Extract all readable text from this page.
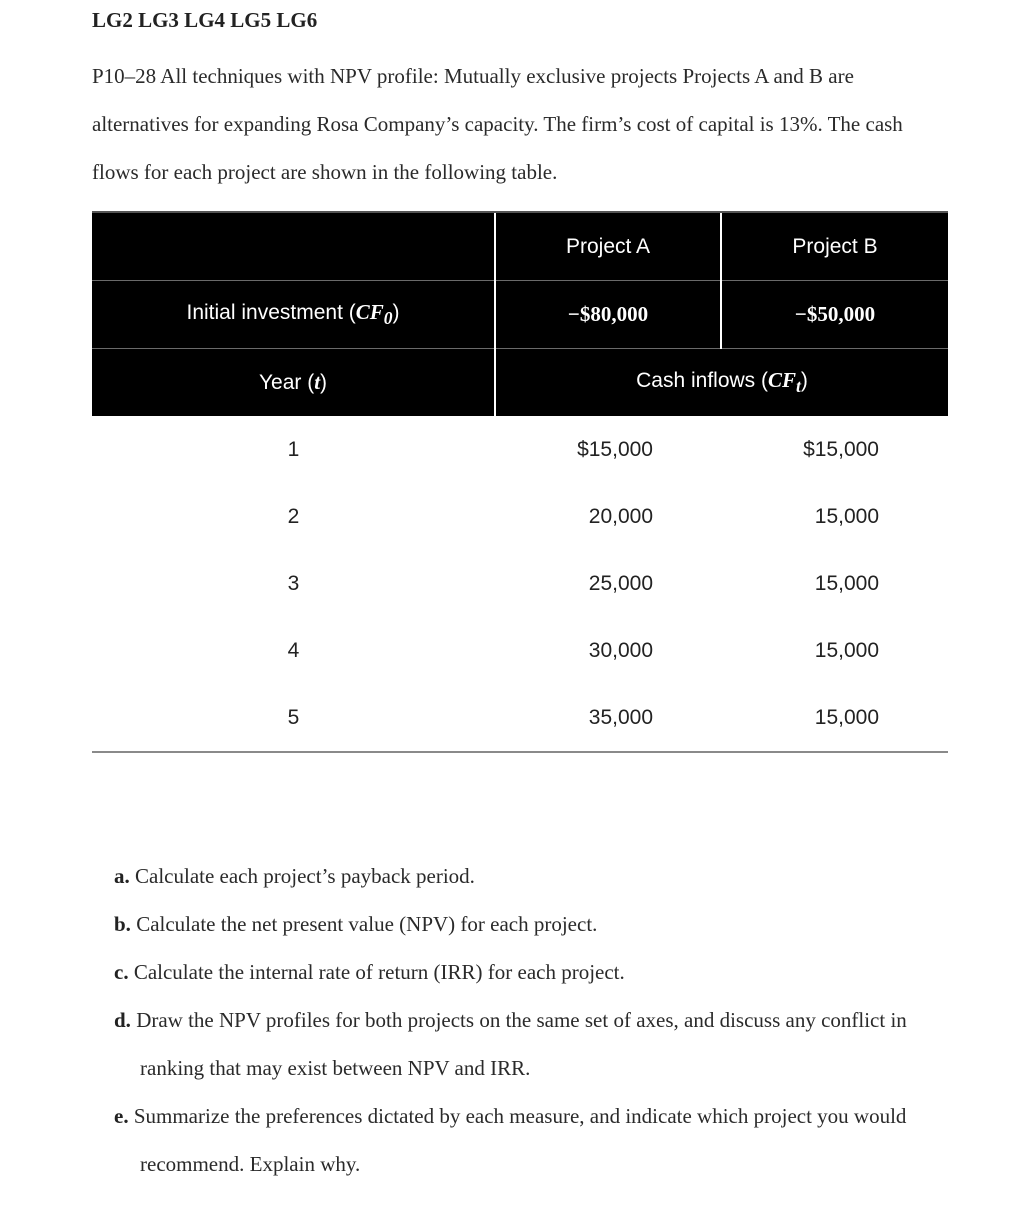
LG2 LG3 LG4 LG5 LG6

P10–28 All techniques with NPV profile: Mutually exclusive projects Projects A and B are alternatives for expanding Rosa Company’s capacity. The firm’s cost of capital is 13%. The cash flows for each project are shown in the following table.

	Project A	Project B
Initial investment $(CF_0)$	−$80,000	−$50,000
Year (t)	Cash inflows $(CF_t)$	
1	$15,000	$15,000
2	20,000	15,000
3	25,000	15,000
4	30,000	15,000
5	35,000	15,000

a. Calculate each project’s payback period.

b. Calculate the net present value (NPV) for each project.

c. Calculate the internal rate of return (IRR) for each project.

d. Draw the NPV profiles for both projects on the same set of axes, and discuss any conflict in ranking that may exist between NPV and IRR.

e. Summarize the preferences dictated by each measure, and indicate which project you would recommend. Explain why.
